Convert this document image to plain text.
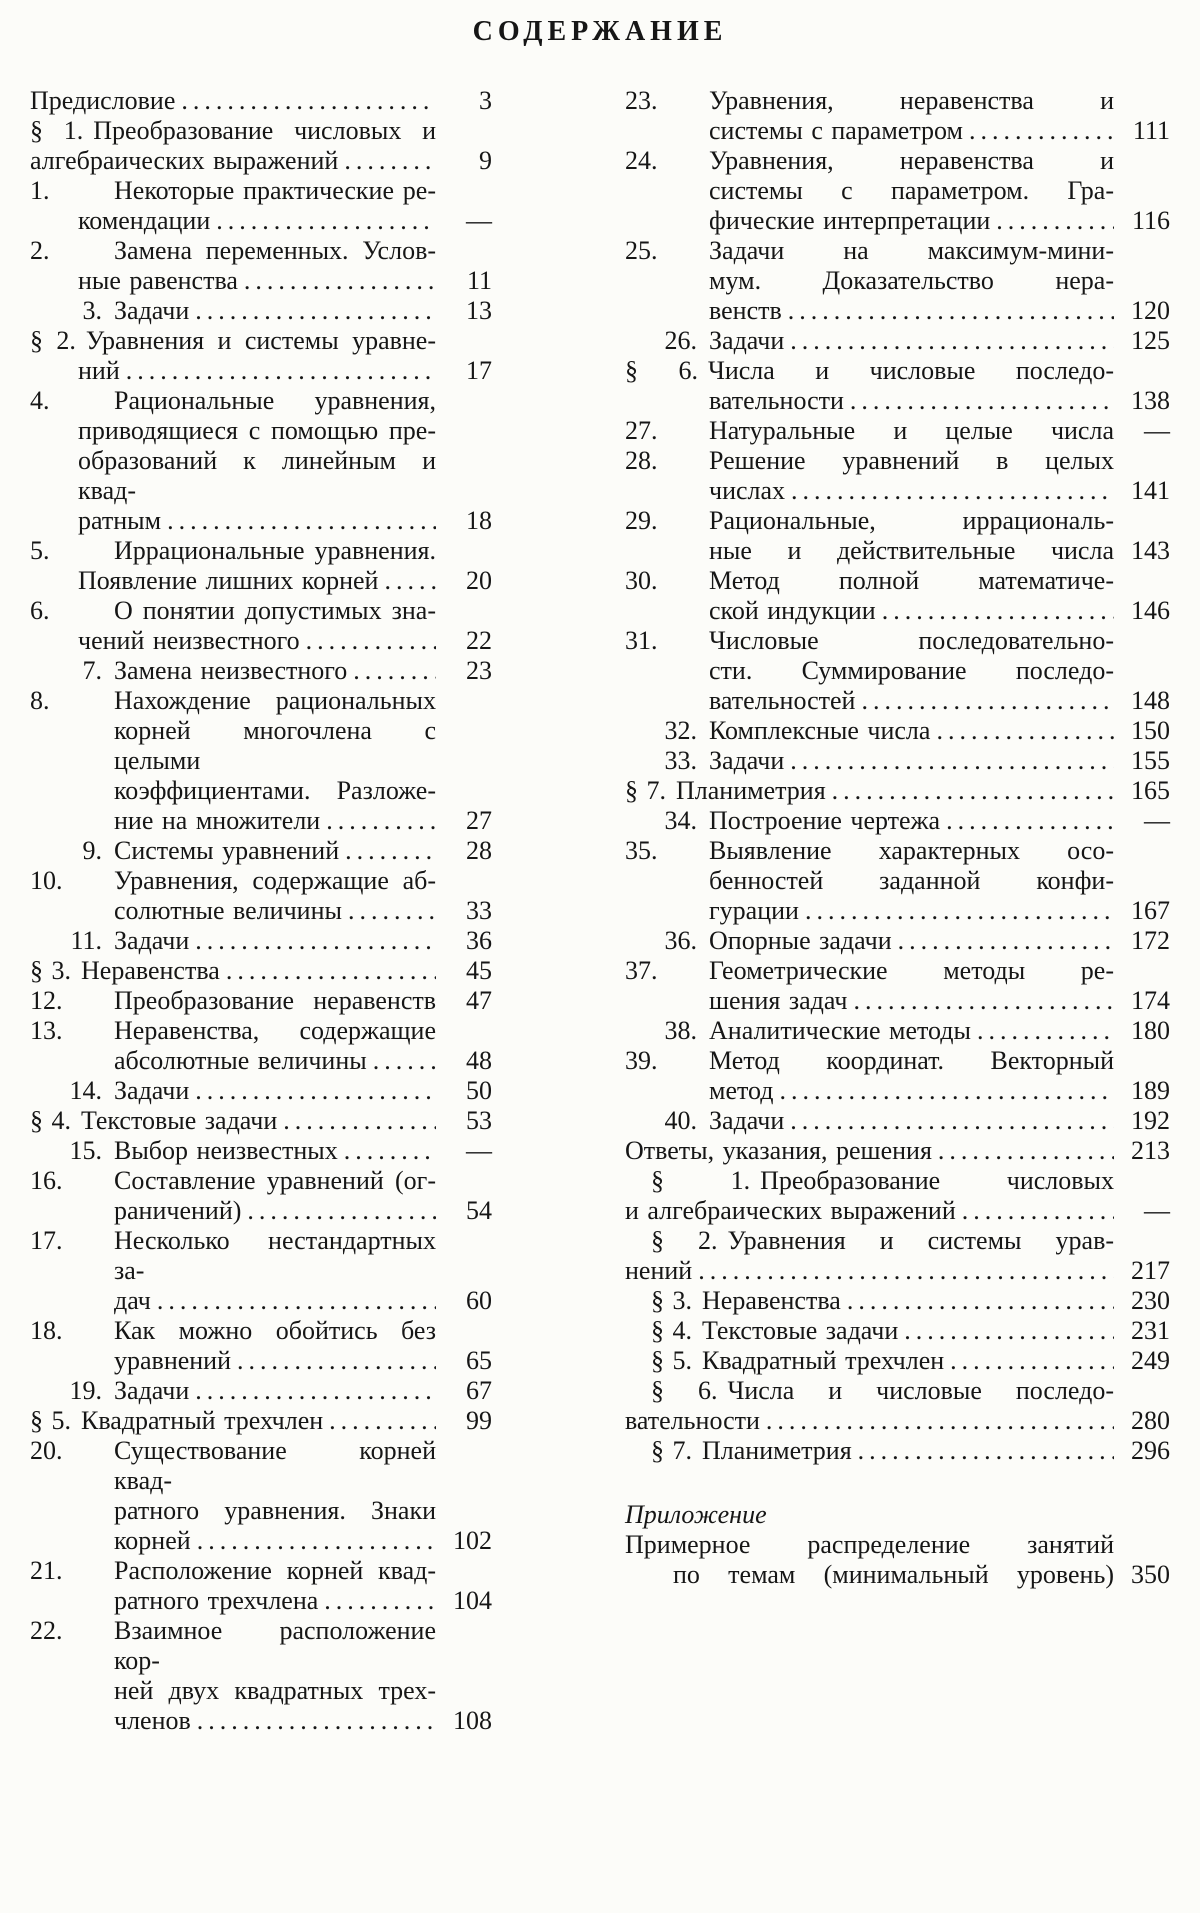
СОДЕРЖАНИЕ
Предисловие .....	3
§ 1. Преобразование числовых и
алгебраических выражений .....	9
1. Некоторые практические ре-
комендации .....	—
2. Замена переменных. Услов-
ные равенства .....	11
3. Задачи .....	13
§ 2. Уравнения и системы уравне-
ний .....	17
4. Рациональные уравнения,
приводящиеся с помощью пре-
образований к линейным и квад-
ратным .....	18
5. Иррациональные уравнения.
Появление лишних корней .....	20
6. О понятии допустимых зна-
чений неизвестного .....	22
7. Замена неизвестного .....	23
8. Нахождение рациональных
корней многочлена с целыми
коэффициентами. Разложе-
ние на множители .....	27
9. Системы уравнений .....	28
10. Уравнения, содержащие аб-
солютные величины .....	33
11. Задачи .....	36
§ 3. Неравенства .....	45
12. Преобразование неравенств	47
13. Неравенства, содержащие
абсолютные величины .....	48
14. Задачи .....	50
§ 4. Текстовые задачи .....	53
15. Выбор неизвестных .....	—
16. Составление уравнений (ог-
раничений) .....	54
17. Несколько нестандартных за-
дач .....	60
18. Как можно обойтись без
уравнений .....	65
19. Задачи .....	67
§ 5. Квадратный трехчлен .....	99
20. Существование корней квад-
ратного уравнения. Знаки
корней .....	102
21. Расположение корней квад-
ратного трехчлена .....	104
22. Взаимное расположение кор-
ней двух квадратных трех-
членов .....	108
23. Уравнения, неравенства и
системы с параметром .....	111
24. Уравнения, неравенства и
системы с параметром. Гра-
фические интерпретации .....	116
25. Задачи на максимум-мини-
мум. Доказательство нера-
венств .....	120
26. Задачи .....	125
§ 6. Числа и числовые последо-
вательности .....	138
27. Натуральные и целые числа	—
28. Решение уравнений в целых
числах .....	141
29. Рациональные, иррациональ-
ные и действительные числа 143
30. Метод полной математиче-
ской индукции .....	146
31. Числовые последовательно-
сти. Суммирование последо-
вательностей .....	148
32. Комплексные числа .....	150
33. Задачи .....	155
§ 7. Планиметрия .....	165
34. Построение чертежа .....	—
35. Выявление характерных осо-
бенностей заданной конфи-
гурации .....	167
36. Опорные задачи .....	172
37. Геометрические методы ре-
шения задач .....	174
38. Аналитические методы .....	180
39. Метод координат. Векторный
метод .....	189
40. Задачи .....	192
Ответы, указания, решения .....	213
§ 1. Преобразование числовых
и алгебраических выражений .....	—
§ 2. Уравнения и системы урав-
нений .....	217
§ 3. Неравенства .....	230
§ 4. Текстовые задачи .....	231
§ 5. Квадратный трехчлен .....	249
§ 6. Числа и числовые последо-
вательности .....	280
§ 7. Планиметрия .....	296
Приложение
Примерное распределение занятий
по темам (минимальный уровень) 350
